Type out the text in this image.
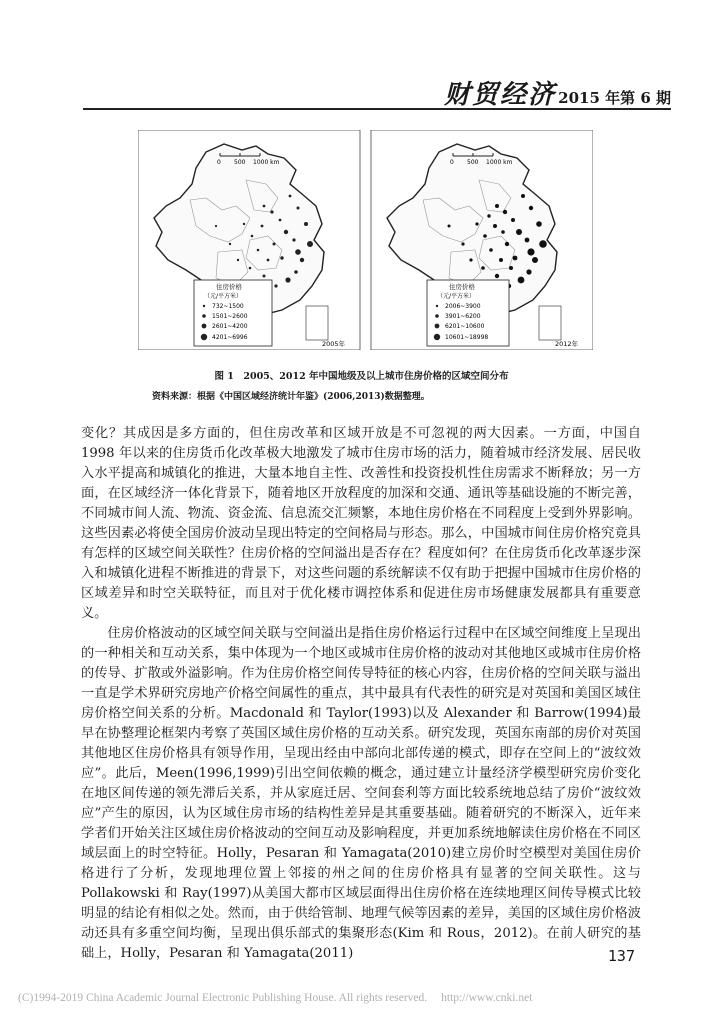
财贸经济 2015 年第 6 期
0 500 1000 km
住房价格
（元/平方米）
732~1500
1501~2600
2601~4200
4201~6996
2005年
0 500 1000 km
住房价格
（元/平方米）
2006~3900
3901~6200
6201~10600
10601~18998
2012年
图 1　2005、2012 年中国地级及以上城市住房价格的区域空间分布
资料来源：根据《中国区域经济统计年鉴》(2006,2013)数据整理。

变化？其成因是多方面的，但住房改革和区域开放是不可忽视的两大因素。一方面，中国自 1998 年以来的住房货币化改革极大地激发了城市住房市场的活力，随着城市经济发展、居民收入水平提高和城镇化的推进，大量本地自主性、改善性和投资投机性住房需求不断释放；另一方面，在区域经济一体化背景下，随着地区开放程度的加深和交通、通讯等基础设施的不断完善，不同城市间人流、物流、资金流、信息流交汇频繁，本地住房价格在不同程度上受到外界影响。这些因素必将使全国房价波动呈现出特定的空间格局与形态。那么，中国城市间住房价格究竟具有怎样的区域空间关联性？住房价格的空间溢出是否存在？程度如何？在住房货币化改革逐步深入和城镇化进程不断推进的背景下，对这些问题的系统解读不仅有助于把握中国城市住房价格的区域差异和时空关联特征，而且对于优化楼市调控体系和促进住房市场健康发展都具有重要意义。

住房价格波动的区域空间关联与空间溢出是指住房价格运行过程中在区域空间维度上呈现出的一种相关和互动关系，集中体现为一个地区或城市住房价格的波动对其他地区或城市住房价格的传导、扩散或外溢影响。作为住房价格空间传导特征的核心内容，住房价格的空间关联与溢出一直是学术界研究房地产价格空间属性的重点，其中最具有代表性的研究是对英国和美国区域住房价格空间关系的分析。Macdonald 和 Taylor(1993)以及 Alexander 和 Barrow(1994)最早在协整理论框架内考察了英国区域住房价格的互动关系。研究发现，英国东南部的房价对英国其他地区住房价格具有领导作用，呈现出经由中部向北部传递的模式，即存在空间上的“波纹效应”。此后，Meen(1996,1999)引出空间依赖的概念，通过建立计量经济学模型研究房价变化在地区间传递的领先滞后关系，并从家庭迁居、空间套利等方面比较系统地总结了房价“波纹效应”产生的原因，认为区域住房市场的结构性差异是其重要基础。随着研究的不断深入，近年来学者们开始关注区域住房价格波动的空间互动及影响程度，并更加系统地解读住房价格在不同区域层面上的时空特征。Holly，Pesaran 和 Yamagata(2010)建立房价时空模型对美国住房价格进行了分析，发现地理位置上邻接的州之间的住房价格具有显著的空间关联性。这与 Pollakowski 和 Ray(1997)从美国大都市区域层面得出住房价格在连续地理区间传导模式比较明显的结论有相似之处。然而，由于供给管制、地理气候等因素的差异，美国的区域住房价格波动还具有多重空间均衡，呈现出俱乐部式的集聚形态(Kim 和 Rous，2012)。在前人研究的基础上，Holly，Pesaran 和 Yamagata(2011)	137
(C)1994-2019 China Academic Journal Electronic Publishing House. All rights reserved. http://www.cnki.net
